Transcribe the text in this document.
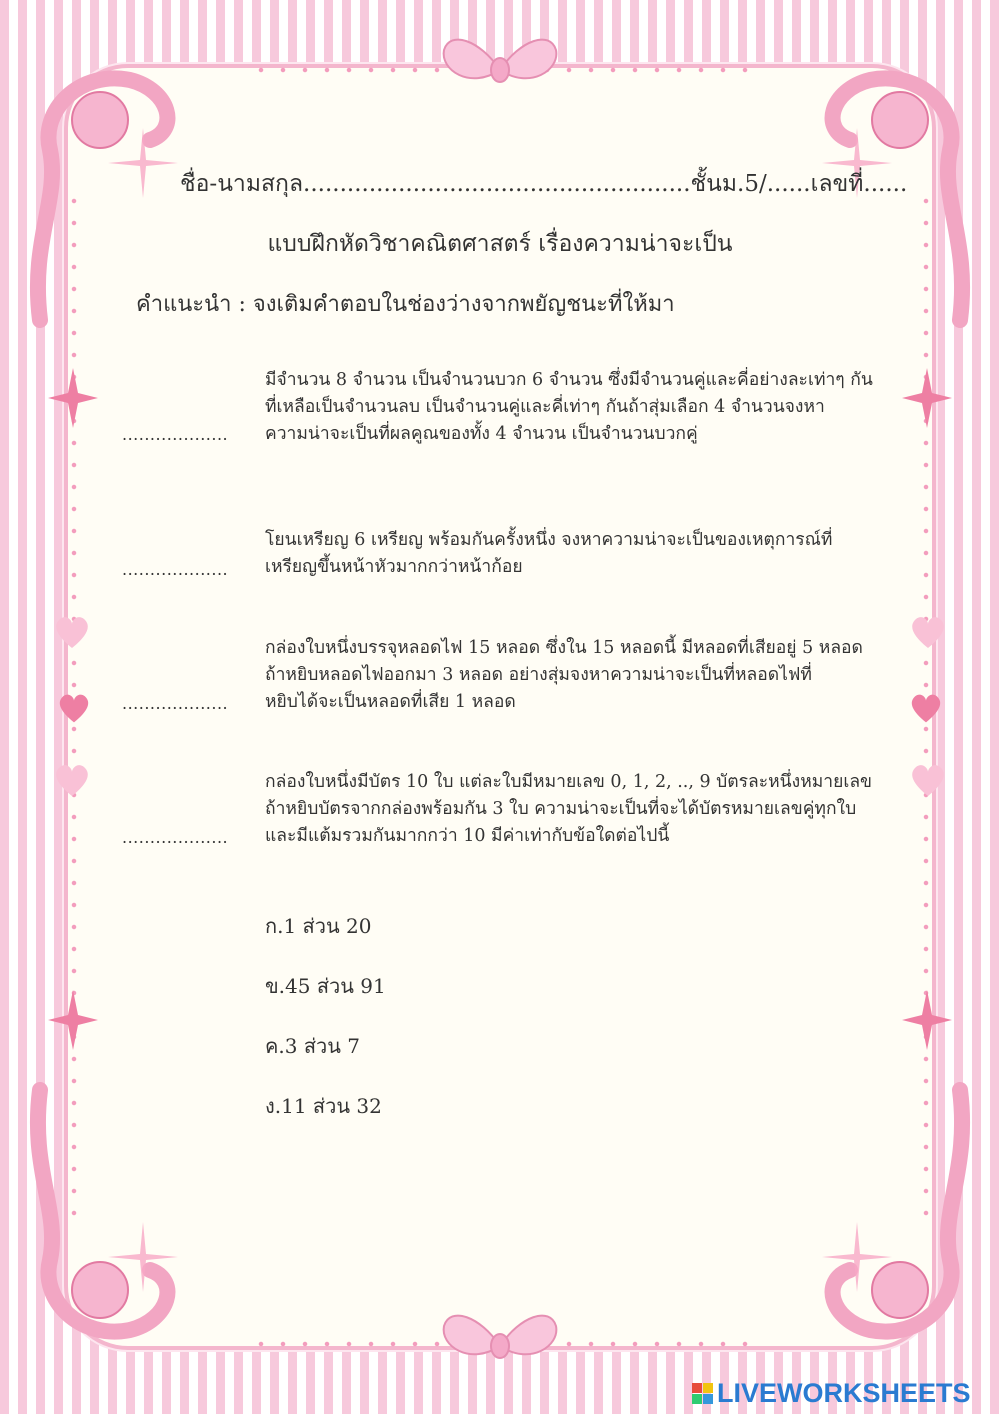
ชื่อ-นามสกุล.....................................................ชั้นม.5/......เลขที่......
แบบฝึกหัดวิชาคณิตศาสตร์ เรื่องความน่าจะเป็น
คำแนะนำ : จงเติมคำตอบในช่องว่างจากพยัญชนะที่ให้มา
...................
มีจำนวน 8 จำนวน เป็นจำนวนบวก 6 จำนวน ซึ่งมีจำนวนคู่และคี่อย่างละเท่าๆ กัน
ที่เหลือเป็นจำนวนลบ เป็นจำนวนคู่และคี่เท่าๆ กันถ้าสุ่มเลือก 4 จำนวนจงหา
ความน่าจะเป็นที่ผลคูณของทั้ง 4 จำนวน เป็นจำนวนบวกคู่
...................
โยนเหรียญ 6 เหรียญ พร้อมกันครั้งหนึ่ง จงหาความน่าจะเป็นของเหตุการณ์ที่
เหรียญขึ้นหน้าหัวมากกว่าหน้าก้อย
...................
กล่องใบหนึ่งบรรจุหลอดไฟ 15 หลอด ซึ่งใน 15 หลอดนี้ มีหลอดที่เสียอยู่ 5 หลอด
ถ้าหยิบหลอดไฟออกมา 3 หลอด อย่างสุ่มจงหาความน่าจะเป็นที่หลอดไฟที่
หยิบได้จะเป็นหลอดที่เสีย 1 หลอด
...................
กล่องใบหนึ่งมีบัตร 10 ใบ แต่ละใบมีหมายเลข 0, 1, 2, .., 9 บัตรละหนึ่งหมายเลข
ถ้าหยิบบัตรจากกล่องพร้อมกัน 3 ใบ ความน่าจะเป็นที่จะได้บัตรหมายเลขคู่ทุกใบ
และมีแต้มรวมกันมากกว่า 10 มีค่าเท่ากับข้อใดต่อไปนี้
ก.1 ส่วน 20
ข.45 ส่วน 91
ค.3 ส่วน 7
ง.11 ส่วน 32
LIVEWORKSHEETS
